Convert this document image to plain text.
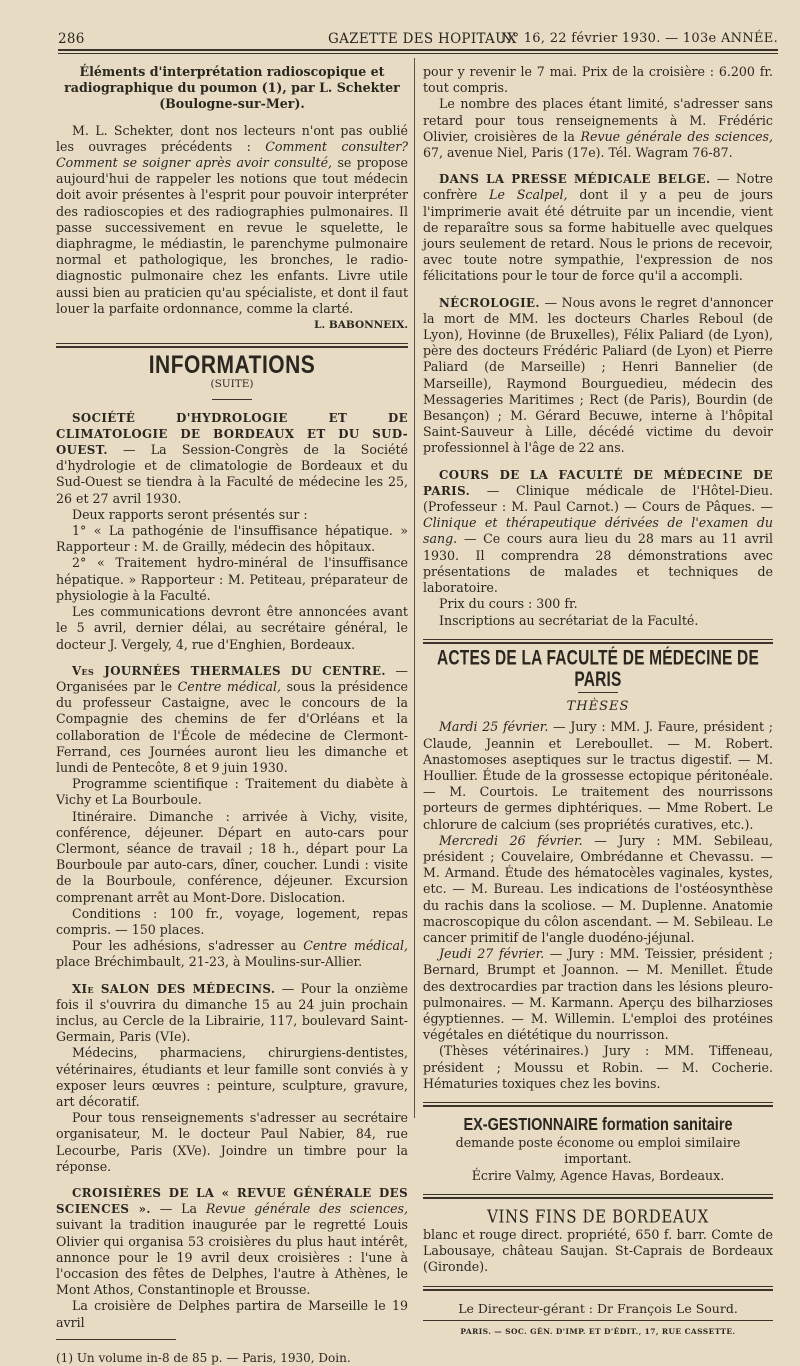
286	GAZETTE DES HOPITAUX
N° 16, 22 février 1930. — 103e ANNÉE.

Éléments d'interprétation radioscopique et radiographique du poumon (1), par L. Schekter (Boulogne-sur-Mer).

M. L. Schekter, dont nos lecteurs n'ont pas oublié les ouvrages précédents : Comment consulter? Comment se soigner après avoir consulté, se propose aujourd'hui de rappeler les notions que tout médecin doit avoir présentes à l'esprit pour pouvoir interpréter des radioscopies et des radiographies pulmonaires. Il passe successivement en revue le squelette, le diaphragme, le médiastin, le parenchyme pulmonaire normal et pathologique, les bronches, le radio-diagnostic pulmonaire chez les enfants. Livre utile aussi bien au praticien qu'au spécialiste, et dont il faut louer la parfaite ordonnance, comme la clarté.

L. BABONNEIX.
INFORMATIONS
(SUITE)

SOCIÉTÉ D'HYDROLOGIE ET DE CLIMATOLOGIE DE BORDEAUX ET DU SUD-OUEST. — La Session-Congrès de la Société d'hydrologie et de climatologie de Bordeaux et du Sud-Ouest se tiendra à la Faculté de médecine les 25, 26 et 27 avril 1930.

Deux rapports seront présentés sur :

1° « La pathogénie de l'insuffisance hépatique. » Rapporteur : M. de Grailly, médecin des hôpitaux.

2° « Traitement hydro-minéral de l'insuffisance hépatique. » Rapporteur : M. Petiteau, préparateur de physiologie à la Faculté.

Les communications devront être annoncées avant le 5 avril, dernier délai, au secrétaire général, le docteur J. Vergely, 4, rue d'Enghien, Bordeaux.

Ves JOURNÉES THERMALES DU CENTRE. — Organisées par le Centre médical, sous la présidence du professeur Castaigne, avec le concours de la Compagnie des chemins de fer d'Orléans et la collaboration de l'École de médecine de Clermont-Ferrand, ces Journées auront lieu les dimanche et lundi de Pentecôte, 8 et 9 juin 1930.

Programme scientifique : Traitement du diabète à Vichy et La Bourboule.

Itinéraire. Dimanche : arrivée à Vichy, visite, conférence, déjeuner. Départ en auto-cars pour Clermont, séance de travail ; 18 h., départ pour La Bourboule par auto-cars, dîner, coucher. Lundi : visite de la Bourboule, conférence, déjeuner. Excursion comprenant arrêt au Mont-Dore. Dislocation.

Conditions : 100 fr., voyage, logement, repas compris. — 150 places.

Pour les adhésions, s'adresser au Centre médical, place Bréchimbault, 21-23, à Moulins-sur-Allier.

XIe SALON DES MÉDECINS. — Pour la onzième fois il s'ouvrira du dimanche 15 au 24 juin prochain inclus, au Cercle de la Librairie, 117, boulevard Saint-Germain, Paris (VIe).

Médecins, pharmaciens, chirurgiens-dentistes, vétérinaires, étudiants et leur famille sont conviés à y exposer leurs œuvres : peinture, sculpture, gravure, art décoratif.

Pour tous renseignements s'adresser au secrétaire organisateur, M. le docteur Paul Nabier, 84, rue Lecourbe, Paris (XVe). Joindre un timbre pour la réponse.

CROISIÈRES DE LA « REVUE GÉNÉRALE DES SCIENCES ». — La Revue générale des sciences, suivant la tradition inaugurée par le regretté Louis Olivier qui organisa 53 croisières du plus haut intérêt, annonce pour le 19 avril deux croisières : l'une à l'occasion des fêtes de Delphes, l'autre à Athènes, le Mont Athos, Constantinople et Brousse.

La croisière de Delphes partira de Marseille le 19 avril

(1) Un volume in-8 de 85 p. — Paris, 1930, Doin.

pour y revenir le 7 mai. Prix de la croisière : 6.200 fr. tout compris.

Le nombre des places étant limité, s'adresser sans retard pour tous renseignements à M. Frédéric Olivier, croisières de la Revue générale des sciences, 67, avenue Niel, Paris (17e). Tél. Wagram 76-87.

DANS LA PRESSE MÉDICALE BELGE. — Notre confrère Le Scalpel, dont il y a peu de jours l'imprimerie avait été détruite par un incendie, vient de reparaître sous sa forme habituelle avec quelques jours seulement de retard. Nous le prions de recevoir, avec toute notre sympathie, l'expression de nos félicitations pour le tour de force qu'il a accompli.

NÉCROLOGIE. — Nous avons le regret d'annoncer la mort de MM. les docteurs Charles Reboul (de Lyon), Hovinne (de Bruxelles), Félix Paliard (de Lyon), père des docteurs Frédéric Paliard (de Lyon) et Pierre Paliard (de Marseille) ; Henri Bannelier (de Marseille), Raymond Bourguedieu, médecin des Messageries Maritimes ; Rect (de Paris), Bourdin (de Besançon) ; M. Gérard Becuwe, interne à l'hôpital Saint-Sauveur à Lille, décédé victime du devoir professionnel à l'âge de 22 ans.

COURS DE LA FACULTÉ DE MÉDECINE DE PARIS. — Clinique médicale de l'Hôtel-Dieu. (Professeur : M. Paul Carnot.) — Cours de Pâques. — Clinique et thérapeutique dérivées de l'examen du sang. — Ce cours aura lieu du 28 mars au 11 avril 1930. Il comprendra 28 démonstrations avec présentations de malades et techniques de laboratoire.

Prix du cours : 300 fr.

Inscriptions au secrétariat de la Faculté.

ACTES DE LA FACULTÉ DE MÉDECINE DE PARIS
THÈSES

Mardi 25 février. — Jury : MM. J. Faure, président ; Claude, Jeannin et Lereboullet. — M. Robert. Anastomoses aseptiques sur le tractus digestif. — M. Houllier. Étude de la grossesse ectopique péritonéale. — M. Courtois. Le traitement des nourrissons porteurs de germes diphtériques. — Mme Robert. Le chlorure de calcium (ses propriétés curatives, etc.).

Mercredi 26 février. — Jury : MM. Sebileau, président ; Couvelaire, Ombrédanne et Chevassu. — M. Armand. Étude des hématocèles vaginales, kystes, etc. — M. Bureau. Les indications de l'ostéosynthèse du rachis dans la scoliose. — M. Duplenne. Anatomie macroscopique du côlon ascendant. — M. Sebileau. Le cancer primitif de l'angle duodéno-jéjunal.

Jeudi 27 février. — Jury : MM. Teissier, président ; Bernard, Brumpt et Joannon. — M. Menillet. Étude des dextrocardies par traction dans les lésions pleuro-pulmonaires. — M. Karmann. Aperçu des bilharzioses égyptiennes. — M. Willemin. L'emploi des protéines végétales en diététique du nourrisson.

(Thèses vétérinaires.) Jury : MM. Tiffeneau, président ; Moussu et Robin. — M. Cocherie. Hématuries toxiques chez les bovins.

EX-GESTIONNAIRE formation sanitaire

demande poste économe ou emploi similaire important.

Écrire Valmy, Agence Havas, Bordeaux.

VINS FINS DE BORDEAUX

blanc et rouge direct. propriété, 650 f. barr. Comte de Labousaye, château Saujan. St-Caprais de Bordeaux (Gironde).

Le Directeur-gérant : Dr François Le Sourd.
PARIS. — SOC. GÉN. D'IMP. ET D'ÉDIT., 17, RUE CASSETTE.
